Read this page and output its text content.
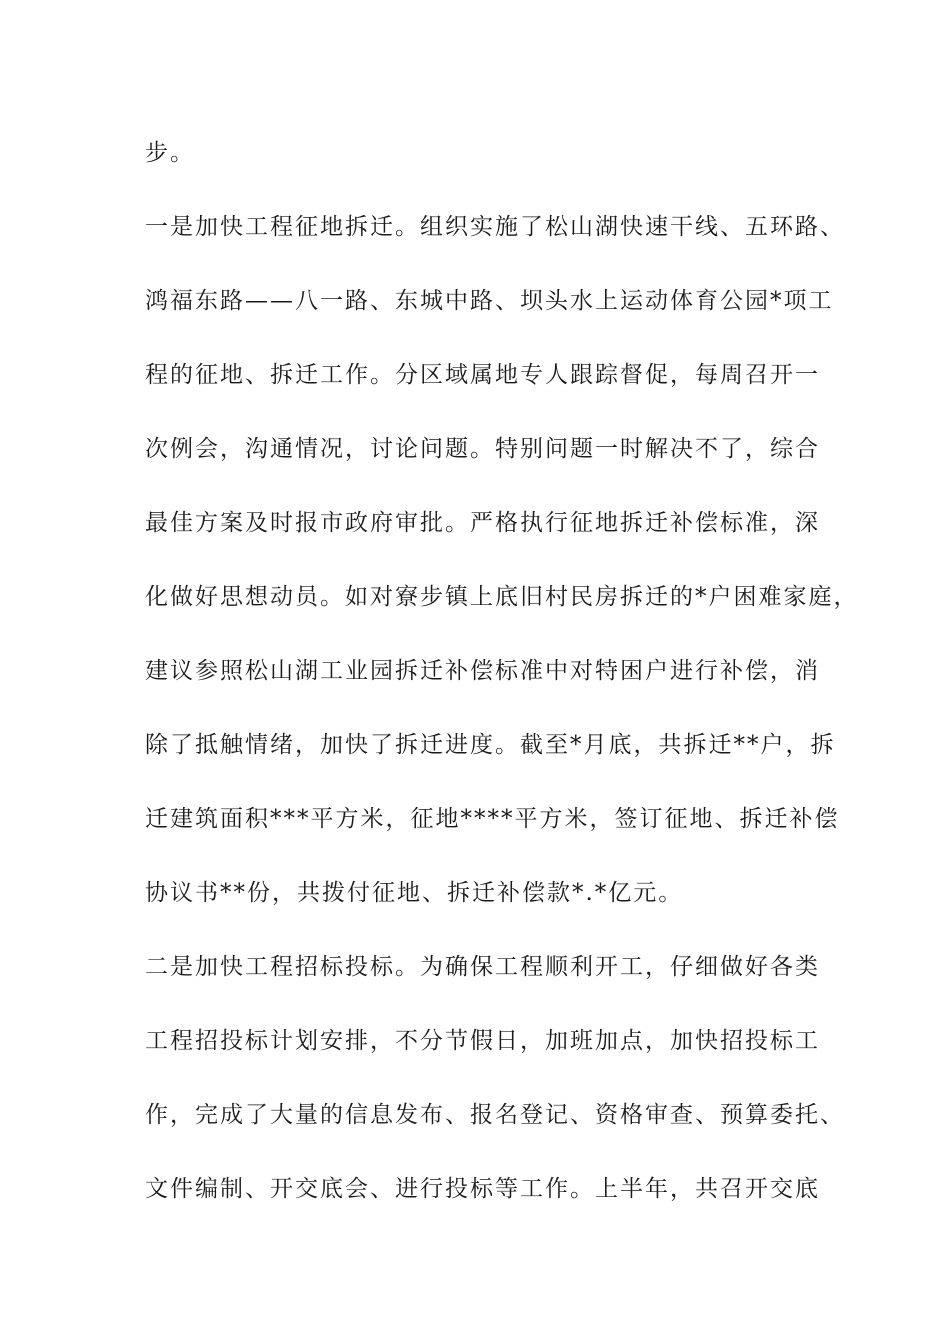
步。
一是加快工程征地拆迁。组织实施了松山湖快速干线、五环路、
鸿福东路——八一路、东城中路、坝头水上运动体育公园*项工
程的征地、拆迁工作。分区域属地专人跟踪督促，每周召开一
次例会，沟通情况，讨论问题。特别问题一时解决不了，综合
最佳方案及时报市政府审批。严格执行征地拆迁补偿标准，深
化做好思想动员。如对寮步镇上底旧村民房拆迁的*户困难家庭，
建议参照松山湖工业园拆迁补偿标准中对特困户进行补偿，消
除了抵触情绪，加快了拆迁进度。截至*月底，共拆迁**户，拆
迁建筑面积***平方米，征地****平方米，签订征地、拆迁补偿
协议书**份，共拨付征地、拆迁补偿款*.*亿元。
二是加快工程招标投标。为确保工程顺利开工，仔细做好各类
工程招投标计划安排，不分节假日，加班加点，加快招投标工
作，完成了大量的信息发布、报名登记、资格审查、预算委托、
文件编制、开交底会、进行投标等工作。上半年，共召开交底
